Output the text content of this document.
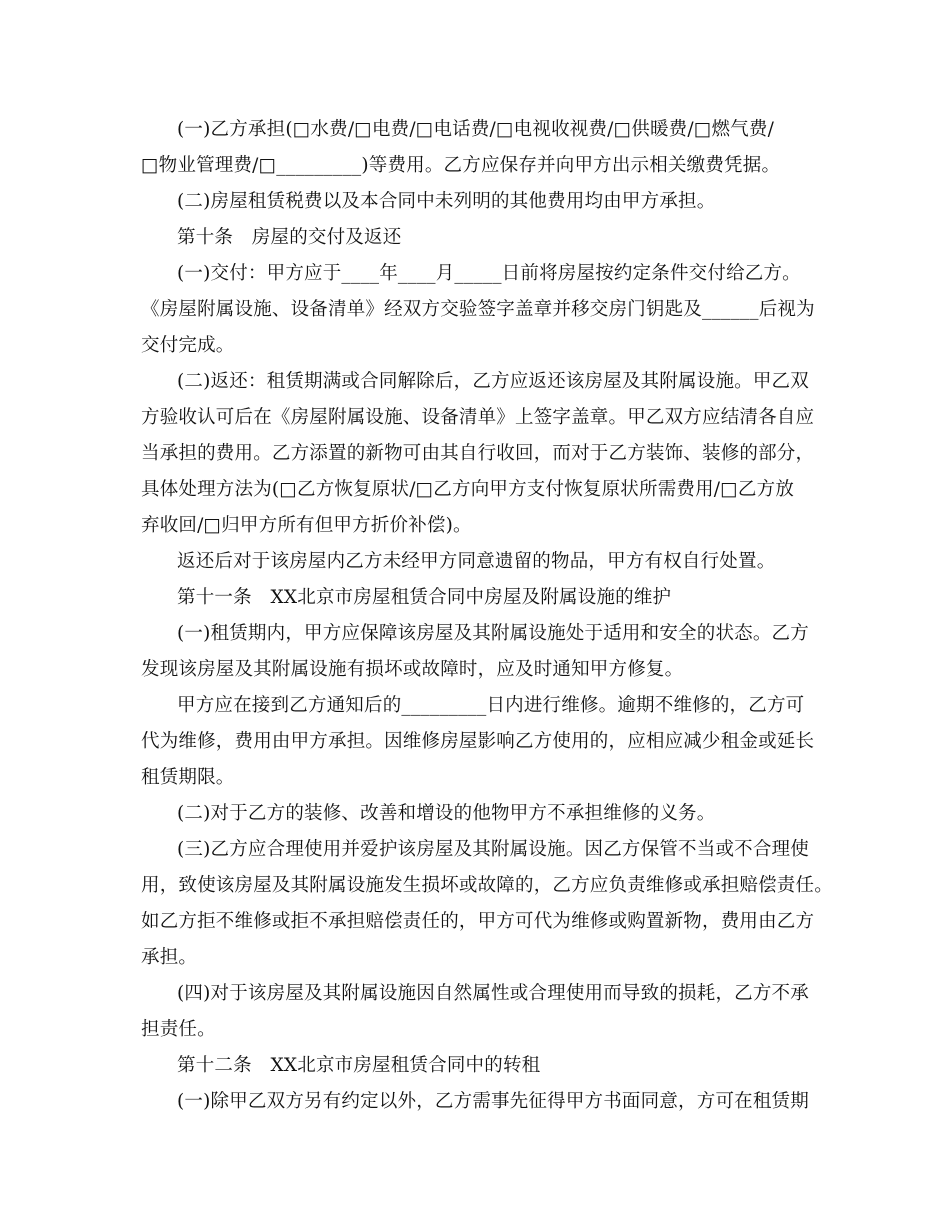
(一)乙方承担(□水费/□电费/□电话费/□电视收视费/□供暖费/□燃气费/
□物业管理费/□_________)等费用。乙方应保存并向甲方出示相关缴费凭据。
(二)房屋租赁税费以及本合同中未列明的其他费用均由甲方承担。
第十条　房屋的交付及返还
(一)交付：甲方应于____年____月_____日前将房屋按约定条件交付给乙方。
《房屋附属设施、设备清单》经双方交验签字盖章并移交房门钥匙及______后视为
交付完成。
(二)返还：租赁期满或合同解除后，乙方应返还该房屋及其附属设施。甲乙双
方验收认可后在《房屋附属设施、设备清单》上签字盖章。甲乙双方应结清各自应
当承担的费用。乙方添置的新物可由其自行收回，而对于乙方装饰、装修的部分，
具体处理方法为(□乙方恢复原状/□乙方向甲方支付恢复原状所需费用/□乙方放
弃收回/□归甲方所有但甲方折价补偿)。
返还后对于该房屋内乙方未经甲方同意遗留的物品，甲方有权自行处置。
第十一条　XX北京市房屋租赁合同中房屋及附属设施的维护
(一)租赁期内，甲方应保障该房屋及其附属设施处于适用和安全的状态。乙方
发现该房屋及其附属设施有损坏或故障时，应及时通知甲方修复。
甲方应在接到乙方通知后的_________日内进行维修。逾期不维修的，乙方可
代为维修，费用由甲方承担。因维修房屋影响乙方使用的，应相应减少租金或延长
租赁期限。
(二)对于乙方的装修、改善和增设的他物甲方不承担维修的义务。
(三)乙方应合理使用并爱护该房屋及其附属设施。因乙方保管不当或不合理使
用，致使该房屋及其附属设施发生损坏或故障的，乙方应负责维修或承担赔偿责任。
如乙方拒不维修或拒不承担赔偿责任的，甲方可代为维修或购置新物，费用由乙方
承担。
(四)对于该房屋及其附属设施因自然属性或合理使用而导致的损耗，乙方不承
担责任。
第十二条　XX北京市房屋租赁合同中的转租
(一)除甲乙双方另有约定以外，乙方需事先征得甲方书面同意，方可在租赁期
